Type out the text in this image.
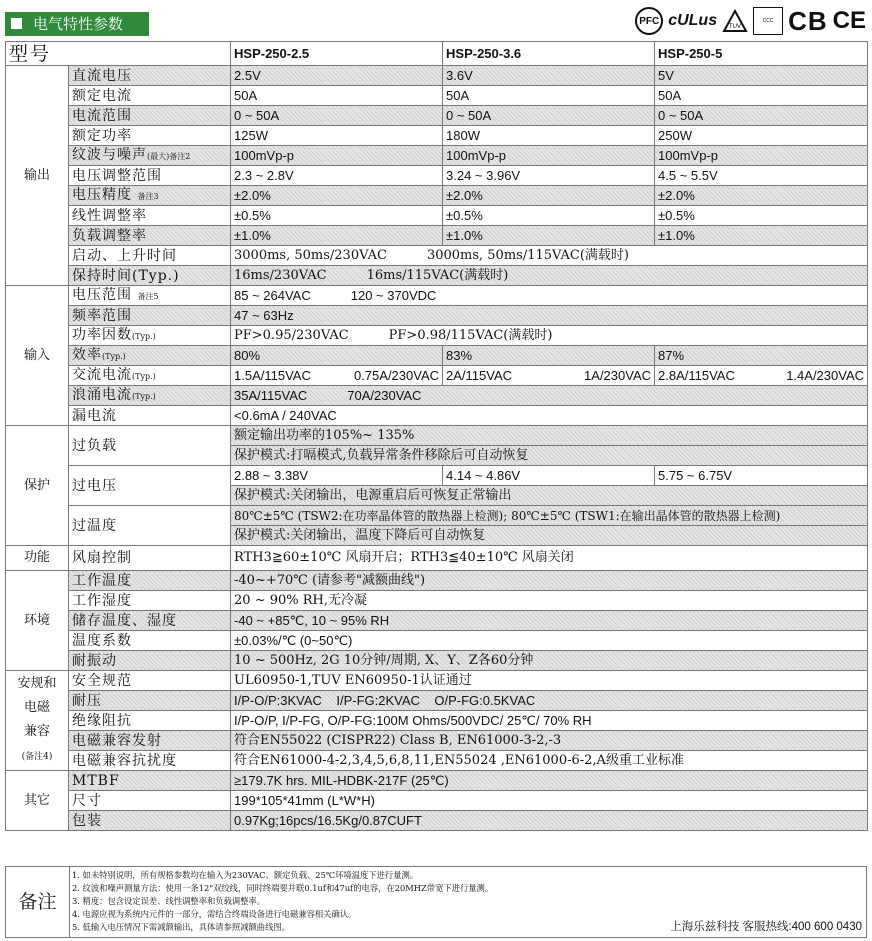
电气特性参数	PFC cULus TUV
CCC CB CE
型号		HSP-250-2.5	HSP-250-3.6	HSP-250-5
输出	直流电压	2.5V	3.6V	5V
	额定电流	50A	50A	50A
	电流范围	0 ~ 50A	0 ~ 50A	0 ~ 50A
	额定功率	125W	180W	250W
	纹波与噪声(最大)备注2	100mVp-p	100mVp-p	100mVp-p
	电压调整范围	2.3 ~ 2.8V	3.24 ~ 3.96V	4.5 ~ 5.5V
	电压精度 备注3	±2.0%	±2.0%	±2.0%
	线性调整率	±0.5%	±0.5%	±0.5%
	负载调整率	±1.0%	±1.0%	±1.0%
	启动、上升时间	3000ms, 50ms/230VAC 3000ms, 50ms/115VAC(满载时)		
	保持时间(Typ.)	16ms/230VAC 16ms/115VAC(满载时)		
输入	电压范围 备注5	85 ~ 264VAC 120 ~ 370VDC		
	频率范围	47 ~ 63Hz		
	功率因数(Typ.)	PF>0.95/230VAC PF>0.98/115VAC(满载时)		
	效率(Typ.)	80%	83%	87%
	交流电流(Typ.)	1.5A/115VAC 0.75A/230VAC	2A/115VAC 1A/230VAC	2.8A/115VAC 1.4A/230VAC

	浪涌电流(Typ.)	35A/115VAC 70A/230VAC		
	漏电流	<0.6mA / 240VAC		
保护	过负载	额定输出功率的105%~ 135%		
		保护模式:打嗝模式,负载异常条件移除后可自动恢复		
	过电压	2.88 ~ 3.38V	4.14 ~ 4.86V	5.75 ~ 6.75V
		保护模式:关闭输出，电源重启后可恢复正常输出		
	过温度	80℃±5℃ (TSW2:在功率晶体管的散热器上检测); 80℃±5℃ (TSW1:在输出晶体管的散热器上检测)		
		保护模式:关闭输出，温度下降后可自动恢复		
功能	风扇控制	RTH3≧60±10℃ 风扇开启；RTH3≦40±10℃ 风扇关闭		
环境	工作温度	-40~+70℃ (请参考"减额曲线")		
	工作湿度	20 ~ 90% RH,无冷凝		
	储存温度、湿度	-40 ~ +85℃, 10 ~ 95% RH		
	温度系数	±0.03%/℃ (0~50℃)		
	耐振动	10 ~ 500Hz, 2G 10分钟/周期, X、Y、Z各60分钟		
安规和
电磁
兼容
(备注4)	安全规范	UL60950-1,TUV EN60950-1认证通过		
	耐压	I/P-O/P:3KVAC    I/P-FG:2KVAC    O/P-FG:0.5KVAC		
	绝缘阻抗	I/P-O/P, I/P-FG, O/P-FG:100M Ohms/500VDC/ 25℃/ 70% RH		
	电磁兼容发射	符合EN55022 (CISPR22) Class B, EN61000-3-2,-3		
	电磁兼容抗扰度	符合EN61000-4-2,3,4,5,6,8,11,EN55024 ,EN61000-6-2,A级重工业标准		
其它	MTBF	≥179.7K hrs. MIL-HDBK-217F (25℃)		
	尺寸	199*105*41mm (L*W*H)		
	包装	0.97Kg;16pcs/16.5Kg/0.87CUFT		
备注
1. 如未特别说明，所有规格参数均在输入为230VAC、额定负载、25℃环境温度下进行量测。
2. 纹波和噪声测量方法：使用一条12"双绞线，同时终端要并联0.1uf和47uf的电容，在20MHZ带宽下进行量测。
3. 精度：包含设定误差、线性调整率和负载调整率。
4. 电源应视为系统内元件的一部分，需结合终端设备进行电磁兼容相关确认。
5. 低输入电压情况下需减额输出，具体请参照减额曲线图。	上海乐兹科技 客服热线:400 600 0430
